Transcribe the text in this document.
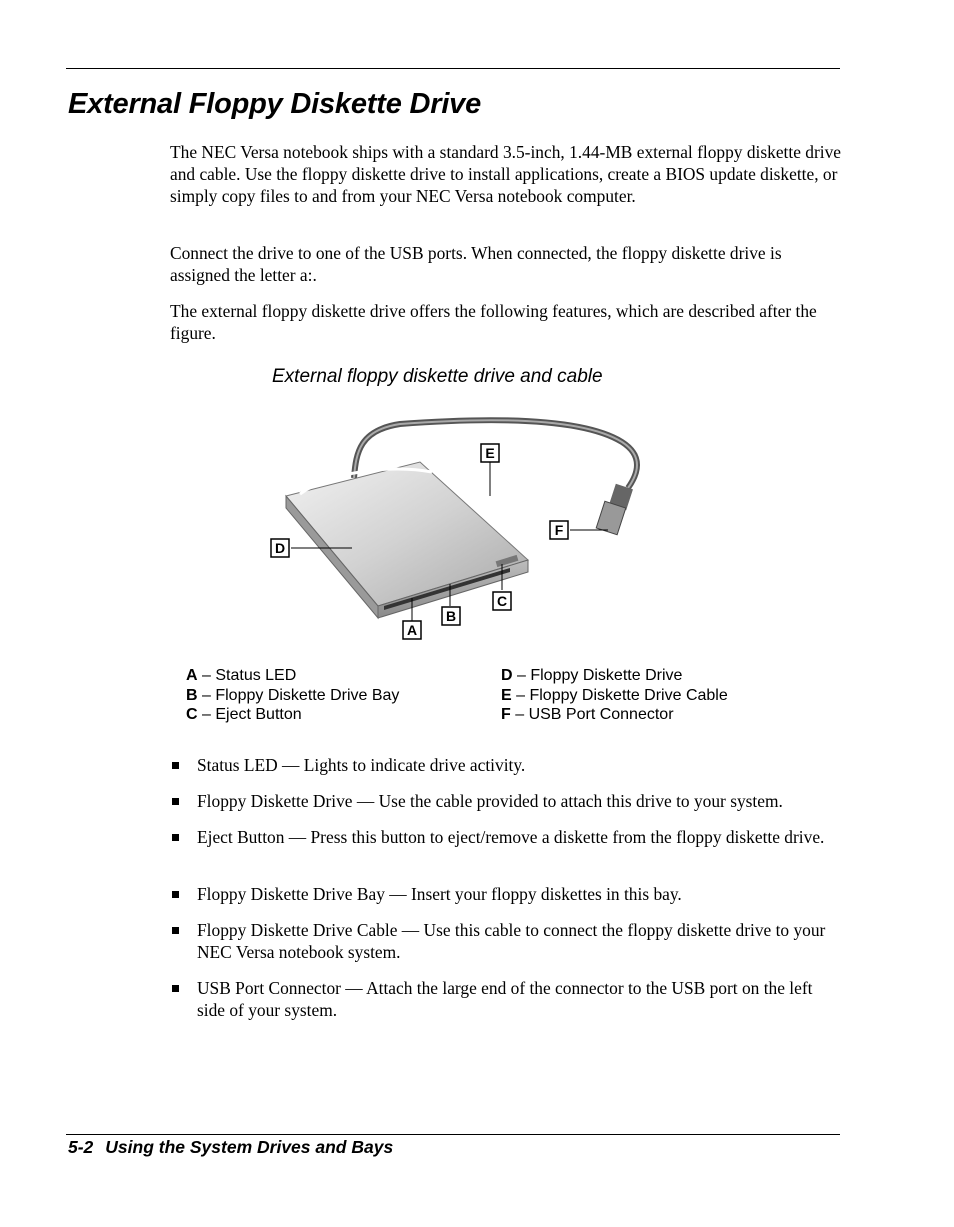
External Floppy Diskette Drive

The NEC Versa notebook ships with a standard 3.5-inch, 1.44-MB external floppy diskette drive and cable. Use the floppy diskette drive to install applications, create a BIOS update diskette, or simply copy files to and from your NEC Versa notebook computer.

Connect the drive to one of the USB ports. When connected, the floppy diskette drive is assigned the letter a:.

The external floppy diskette drive offers the following features, which are described after the figure.

External floppy diskette drive and cable
E
F
D
C
B
A
A – Status LED
B – Floppy Diskette Drive Bay
C – Eject Button
D – Floppy Diskette Drive
E – Floppy Diskette Drive Cable
F – USB Port Connector
Status LED — Lights to indicate drive activity.
Floppy Diskette Drive — Use the cable provided to attach this drive to your system.
Eject Button — Press this button to eject/remove a diskette from the floppy diskette drive.
Floppy Diskette Drive Bay — Insert your floppy diskettes in this bay.
Floppy Diskette Drive Cable — Use this cable to connect the floppy diskette drive to your NEC Versa notebook system.
USB Port Connector — Attach the large end of the connector to the USB port on the left side of your system.
5-2 Using the System Drives and Bays
